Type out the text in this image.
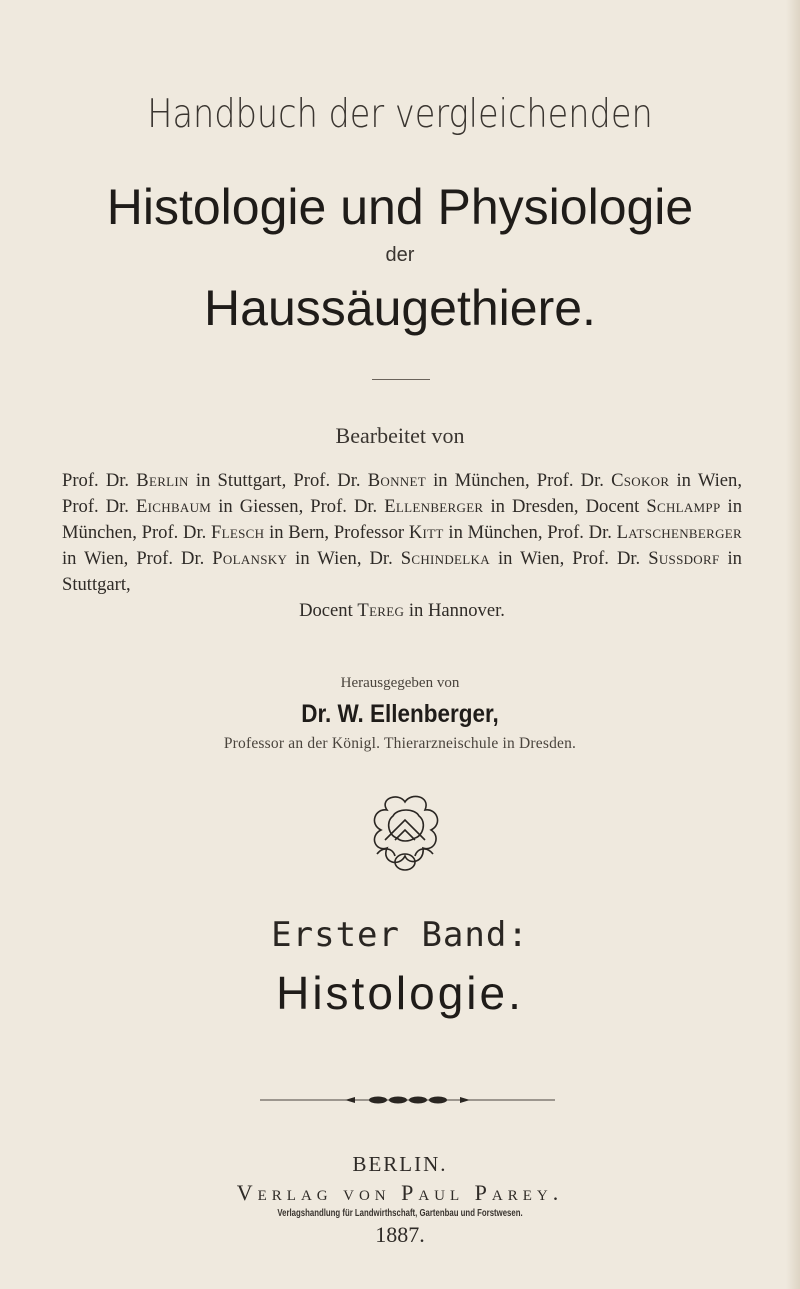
Handbuch der vergleichenden
Histologie und Physiologie
der
Haussäugethiere.
Bearbeitet von
Prof. Dr. Berlin in Stuttgart, Prof. Dr. Bonnet in München, Prof. Dr. Csokor in Wien, Prof. Dr. Eichbaum in Giessen, Prof. Dr. Ellenberger in Dresden, Docent Schlampp in München, Prof. Dr. Flesch in Bern, Professor Kitt in München, Prof. Dr. Latschenberger in Wien, Prof. Dr. Polansky in Wien, Dr. Schindelka in Wien, Prof. Dr. Sussdorf in Stuttgart,
Docent Tereg in Hannover.
Herausgegeben von
Dr. W. Ellenberger,
Professor an der Königl. Thierarzneischule in Dresden.
Erster Band:
Histologie.
BERLIN.
Verlag von Paul Parey.
Verlagshandlung für Landwirthschaft, Gartenbau und Forstwesen.
1887.
